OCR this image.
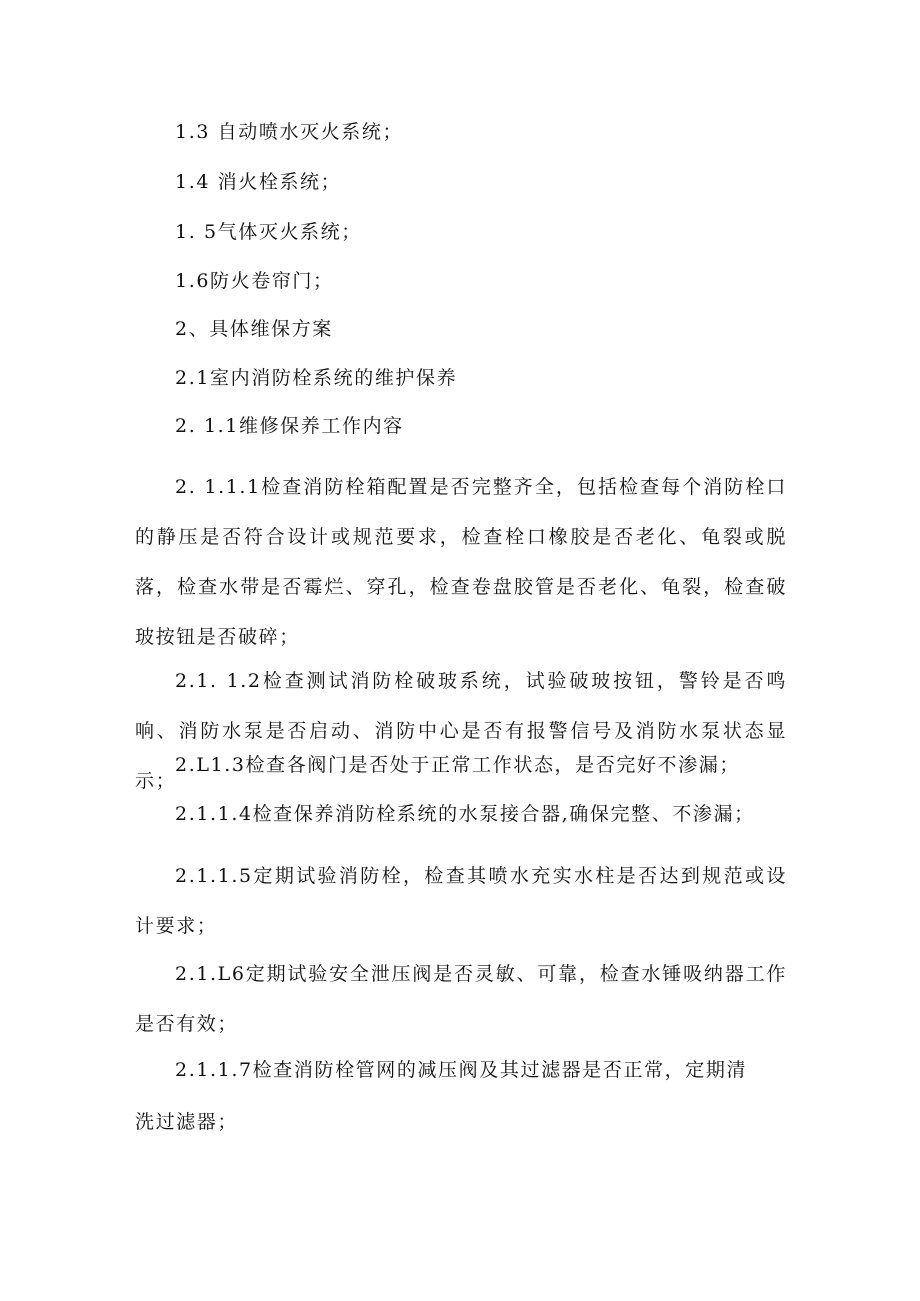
1.3 自动喷水灭火系统；
1.4 消火栓系统；
1. 5气体灭火系统；
1.6防火卷帘门；
2、具体维保方案
2.1室内消防栓系统的维护保养
2. 1.1维修保养工作内容
2. 1.1.1检查消防栓箱配置是否完整齐全，包括检查每个消防栓口的静压是否符合设计或规范要求，检查栓口橡胶是否老化、龟裂或脱落，检查水带是否霉烂、穿孔，检查卷盘胶管是否老化、龟裂，检查破玻按钮是否破碎；
2.1. 1.2检查测试消防栓破玻系统，试验破玻按钮，警铃是否鸣响、消防水泵是否启动、消防中心是否有报警信号及消防水泵状态显示；
2.L1.3检查各阀门是否处于正常工作状态，是否完好不渗漏；
2.1.1.4检查保养消防栓系统的水泵接合器,确保完整、不渗漏；
2.1.1.5定期试验消防栓，检查其喷水充实水柱是否达到规范或设计要求；
2.1.L6定期试验安全泄压阀是否灵敏、可靠，检查水锤吸纳器工作是否有效；
2.1.1.7检查消防栓管网的减压阀及其过滤器是否正常，定期清
洗过滤器；
